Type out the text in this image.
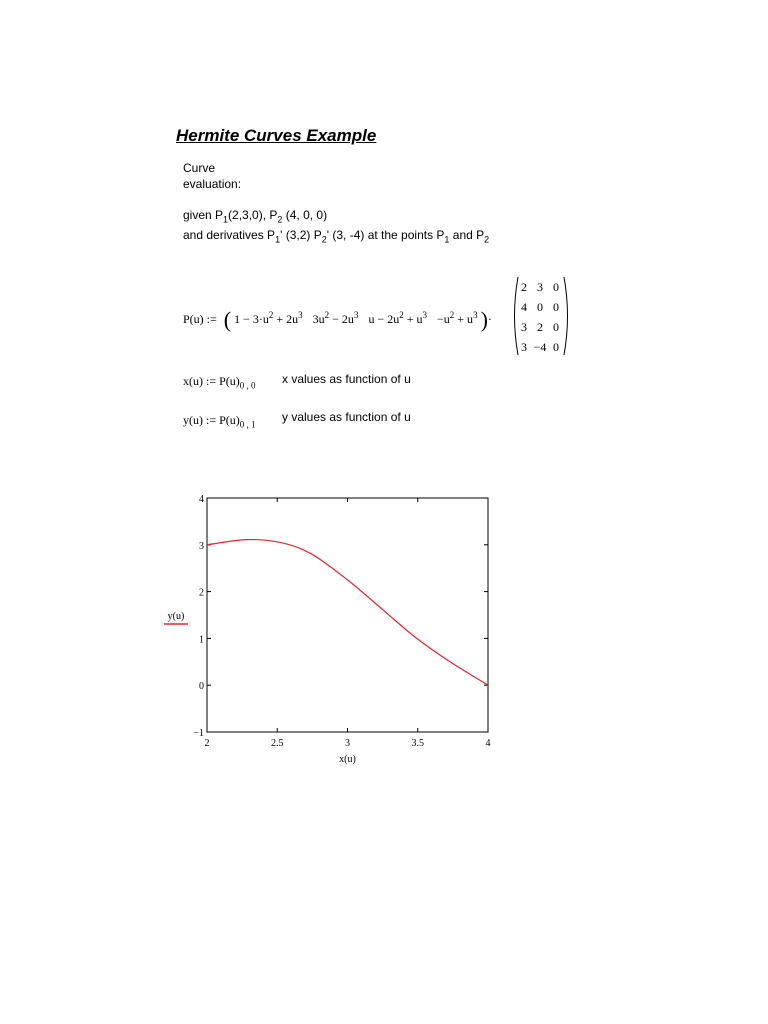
Hermite Curves Example
Curve
evaluation:
given $P_1(2,3,0)$, $P_2$ (4, 0, 0)
and derivatives $P_1'$ (3,2) $P_2'$ (3, -4) at the points $P_1$ and $P_2$
P(u) := ( $1 - 3\cdot u^2 + 2u^3$ $3u^2 - 2u^3$ $u - 2u^2 + u^3 -u^2 + u^3$ )·
2	3	0
4	0	0
3	2	0
3	−4	0
x(u) := $P(u)_{0 , 0}$ x values as function of u
y(u) := $P(u)_{0 , 1}$
y values as function of u
2	2.5	3	3.5	4
−1
0
1
2
3
4
x(u)
y(u)
